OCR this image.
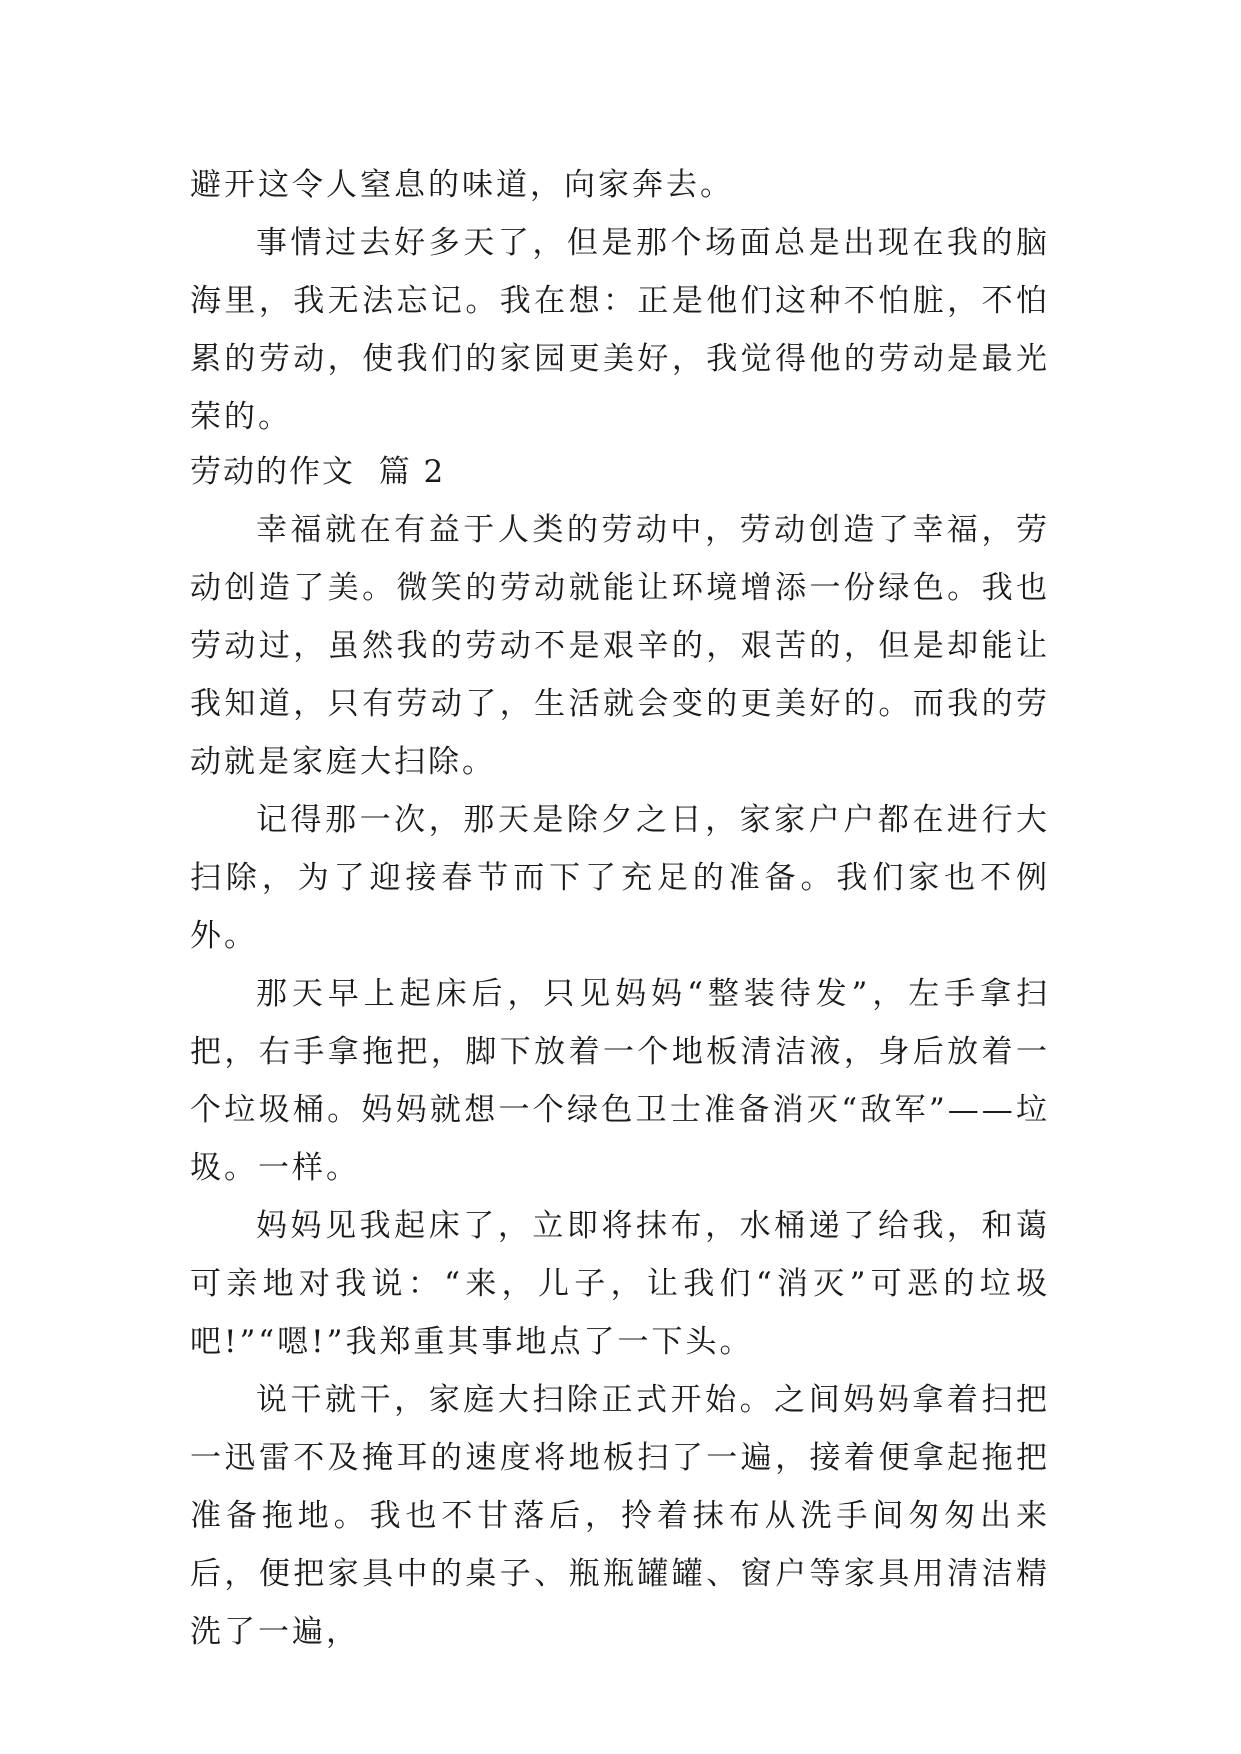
避开这令人窒息的味道，向家奔去。

事情过去好多天了，但是那个场面总是出现在我的脑海里，我无法忘记。我在想：正是他们这种不怕脏，不怕累的劳动，使我们的家园更美好，我觉得他的劳动是最光荣的。

劳动的作文  篇 2

幸福就在有益于人类的劳动中，劳动创造了幸福，劳动创造了美。微笑的劳动就能让环境增添一份绿色。我也劳动过，虽然我的劳动不是艰辛的，艰苦的，但是却能让我知道，只有劳动了，生活就会变的更美好的。而我的劳动就是家庭大扫除。

记得那一次，那天是除夕之日，家家户户都在进行大扫除，为了迎接春节而下了充足的准备。我们家也不例外。

那天早上起床后，只见妈妈“整装待发”，左手拿扫把，右手拿拖把，脚下放着一个地板清洁液，身后放着一个垃圾桶。妈妈就想一个绿色卫士准备消灭“敌军”——垃圾。一样。

妈妈见我起床了，立即将抹布，水桶递了给我，和蔼可亲地对我说：“来，儿子，让我们“消灭”可恶的垃圾吧!”“嗯!”我郑重其事地点了一下头。

说干就干，家庭大扫除正式开始。之间妈妈拿着扫把一迅雷不及掩耳的速度将地板扫了一遍，接着便拿起拖把准备拖地。我也不甘落后，拎着抹布从洗手间匆匆出来后，便把家具中的桌子、瓶瓶罐罐、窗户等家具用清洁精洗了一遍，
